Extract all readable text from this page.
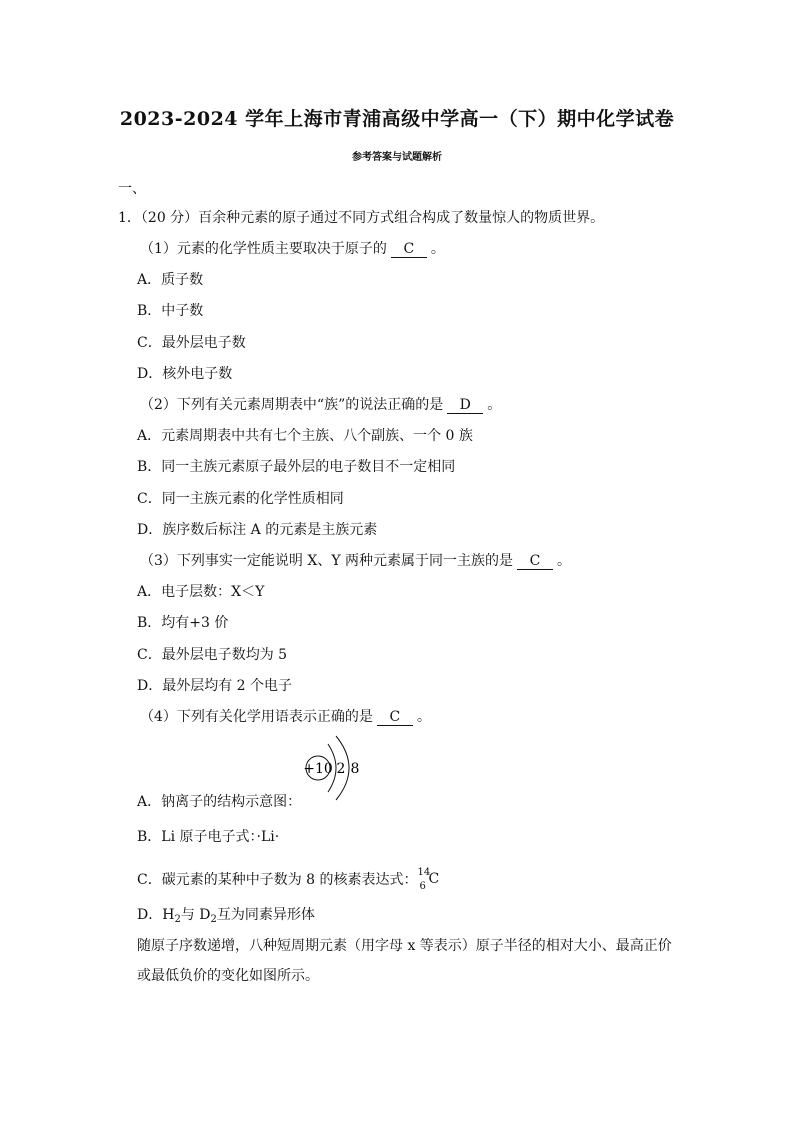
2023-2024 学年上海市青浦高级中学高一（下）期中化学试卷
参考答案与试题解析
一、
1．（20 分）百余种元素的原子通过不同方式组合构成了数量惊人的物质世界。
（1）元素的化学性质主要取决于原子的 C 。
A．质子数
B．中子数
C．最外层电子数
D．核外电子数
（2）下列有关元素周期表中“族”的说法正确的是 D 。
A．元素周期表中共有七个主族、八个副族、一个 0 族
B．同一主族元素原子最外层的电子数目不一定相同
C．同一主族元素的化学性质相同
D．族序数后标注 A 的元素是主族元素
（3）下列事实一定能说明 X、Y 两种元素属于同一主族的是 C 。
A．电子层数：X＜Y
B．均有+3 价
C．最外层电子数均为 5
D．最外层均有 2 个电子
（4）下列有关化学用语表示正确的是 C 。
+10 2 8
A．钠离子的结构示意图：
B．Li 原子电子式：·Li·
C．碳元素的某种中子数为 8 的核素表达式： 14
6 C
D．$H_2$与 $D_2$互为同素异形体
随原子序数递增，八种短周期元素（用字母 x 等表示）原子半径的相对大小、最高正价
或最低负价的变化如图所示。
